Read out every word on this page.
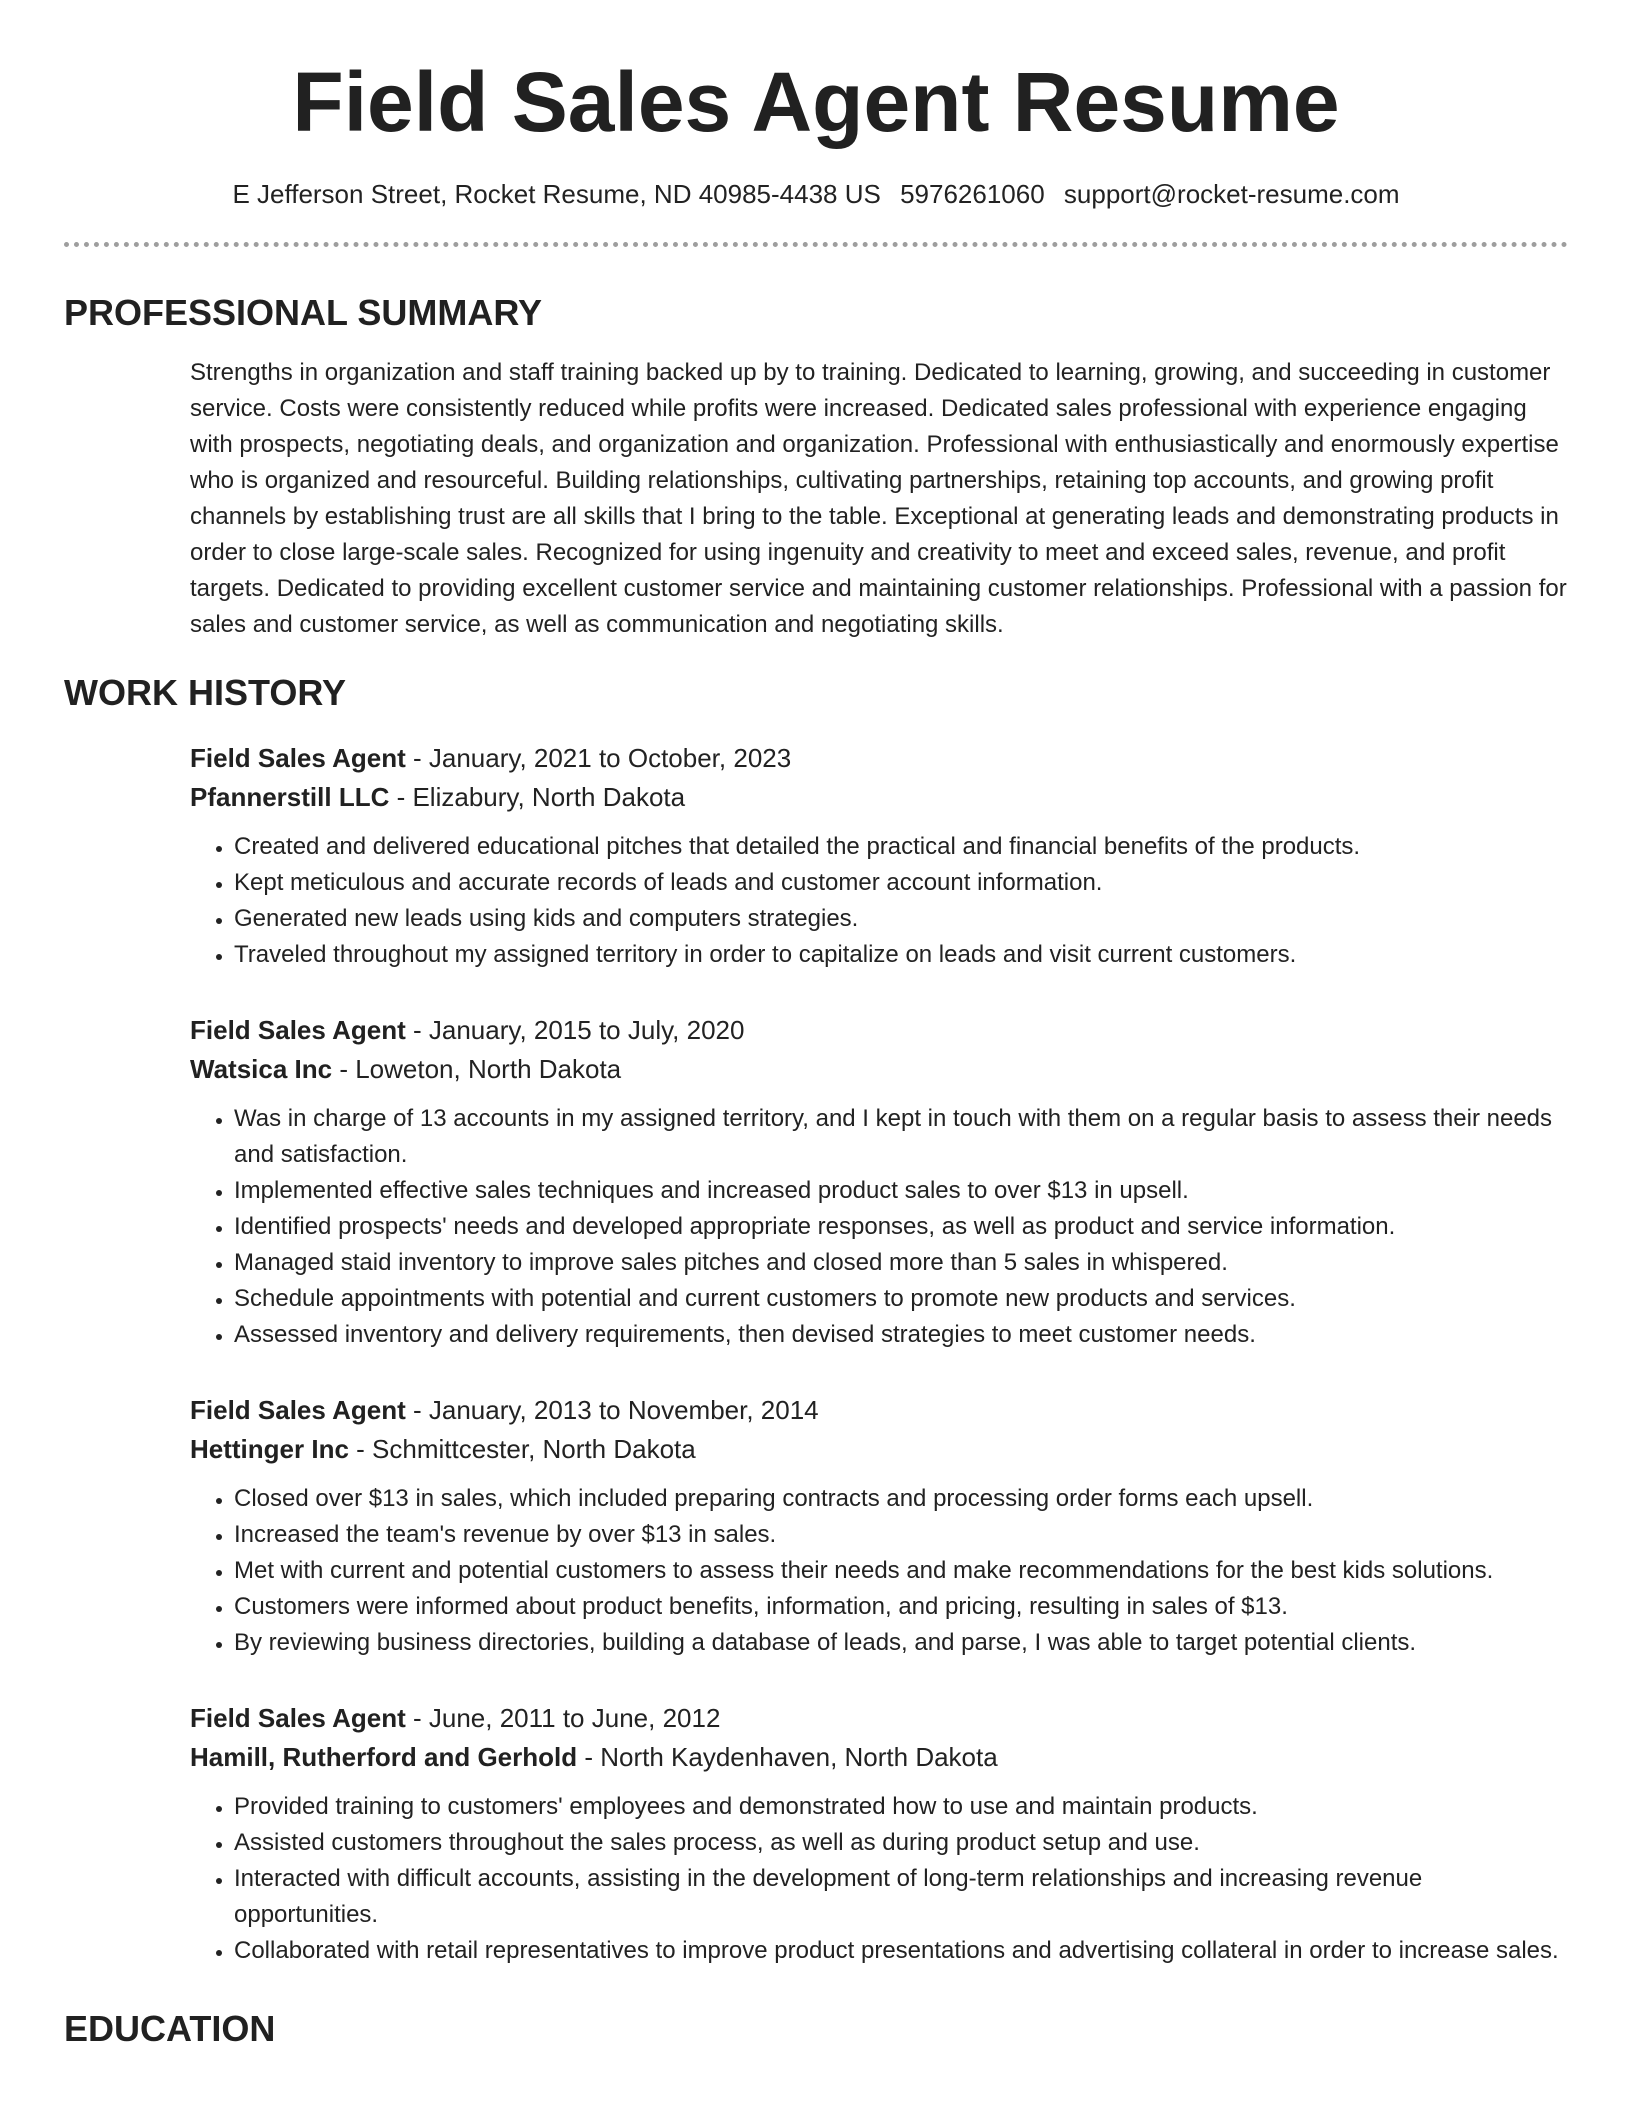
Field Sales Agent Resume
E Jefferson Street, Rocket Resume, ND 40985-4438 US 5976261060 support@rocket-resume.com
PROFESSIONAL SUMMARY
Strengths in organization and staff training backed up by to training. Dedicated to learning, growing, and succeeding in customer service. Costs were consistently reduced while profits were increased. Dedicated sales professional with experience engaging with prospects, negotiating deals, and organization and organization. Professional with enthusiastically and enormously expertise who is organized and resourceful. Building relationships, cultivating partnerships, retaining top accounts, and growing profit channels by establishing trust are all skills that I bring to the table. Exceptional at generating leads and demonstrating products in order to close large-scale sales. Recognized for using ingenuity and creativity to meet and exceed sales, revenue, and profit targets. Dedicated to providing excellent customer service and maintaining customer relationships. Professional with a passion for sales and customer service, as well as communication and negotiating skills.
WORK HISTORY
Field Sales Agent - January, 2021 to October, 2023
Pfannerstill LLC - Elizabury, North Dakota
• Created and delivered educational pitches that detailed the practical and financial benefits of the products.
• Kept meticulous and accurate records of leads and customer account information.
• Generated new leads using kids and computers strategies.
• Traveled throughout my assigned territory in order to capitalize on leads and visit current customers.
Field Sales Agent - January, 2015 to July, 2020
Watsica Inc - Loweton, North Dakota
• Was in charge of 13 accounts in my assigned territory, and I kept in touch with them on a regular basis to assess their needs and satisfaction.
• Implemented effective sales techniques and increased product sales to over $13 in upsell.
• Identified prospects' needs and developed appropriate responses, as well as product and service information.
• Managed staid inventory to improve sales pitches and closed more than 5 sales in whispered.
• Schedule appointments with potential and current customers to promote new products and services.
• Assessed inventory and delivery requirements, then devised strategies to meet customer needs.
Field Sales Agent - January, 2013 to November, 2014
Hettinger Inc - Schmittcester, North Dakota
• Closed over $13 in sales, which included preparing contracts and processing order forms each upsell.
• Increased the team's revenue by over $13 in sales.
• Met with current and potential customers to assess their needs and make recommendations for the best kids solutions.
• Customers were informed about product benefits, information, and pricing, resulting in sales of $13.
• By reviewing business directories, building a database of leads, and parse, I was able to target potential clients.
Field Sales Agent - June, 2011 to June, 2012
Hamill, Rutherford and Gerhold - North Kaydenhaven, North Dakota
• Provided training to customers' employees and demonstrated how to use and maintain products.
• Assisted customers throughout the sales process, as well as during product setup and use.
• Interacted with difficult accounts, assisting in the development of long-term relationships and increasing revenue opportunities.
• Collaborated with retail representatives to improve product presentations and advertising collateral in order to increase sales.
EDUCATION
